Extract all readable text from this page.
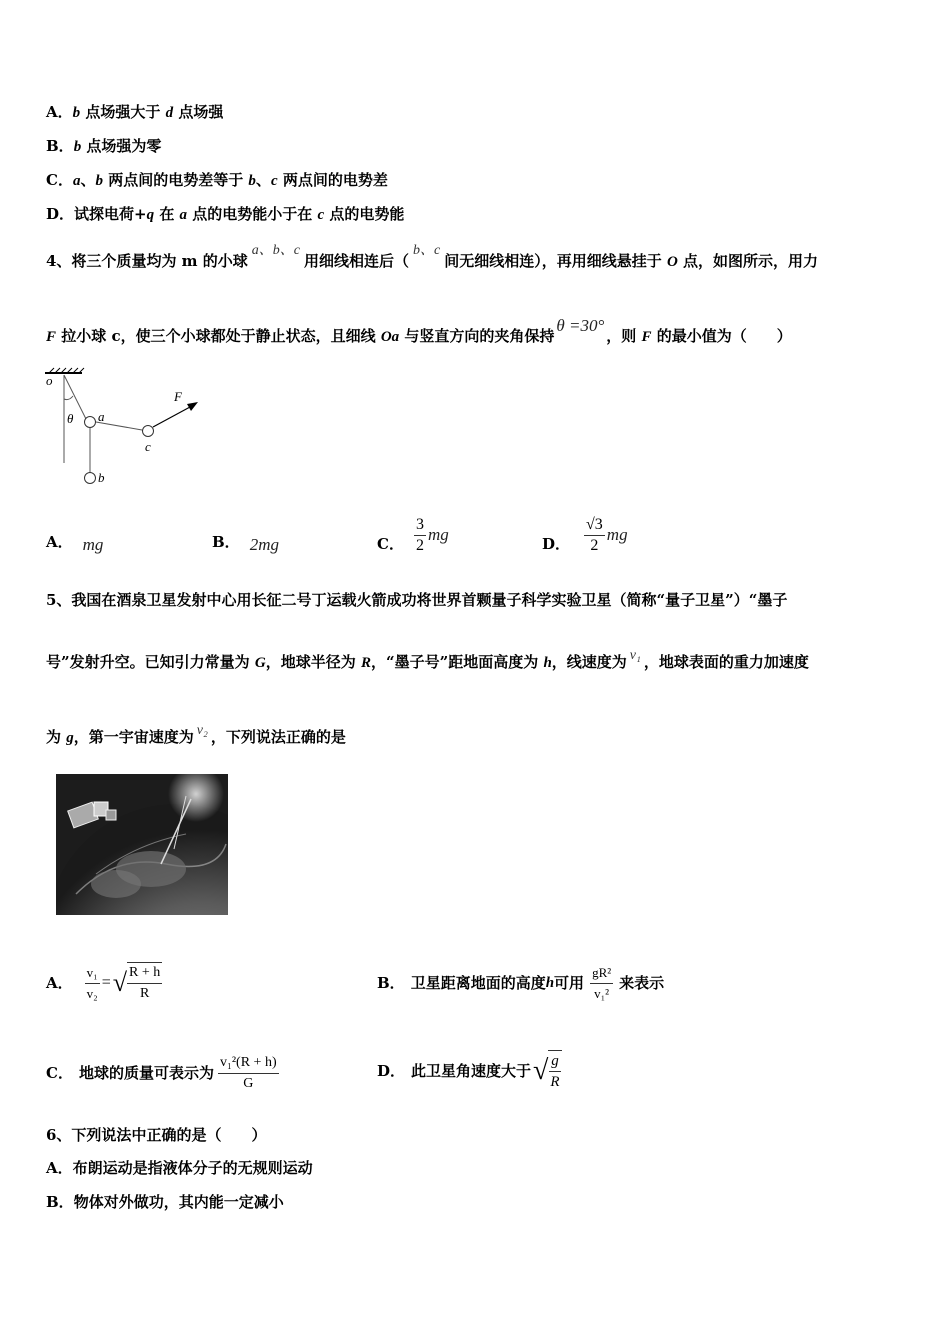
A．b 点场强大于 d 点场强
B．b 点场强为零
C．a、b 两点间的电势差等于 b、c 两点间的电势差
D．试探电荷+q 在 a 点的电势能小于在 c 点的电势能
4、将三个质量均为 m 的小球a、b、c用细线相连后（b、c间无细线相连），再用细线悬挂于 O 点，如图所示，用力
F 拉小球 c，使三个小球都处于静止状态，且细线 Oa 与竖直方向的夹角保持θ =30°，则 F 的最小值为（　　）
o
θ a
b
c
F
A． mg	B． 2mg	C． $\frac{3}{2}$ mg	D． $\frac{√3}{2}$ mg
5、我国在酒泉卫星发射中心用长征二号丁运载火箭成功将世界首颗量子科学实验卫星（简称“量子卫星”）“墨子
号”发射升空。已知引力常量为 G，地球半径为 R，“墨子号”距地面高度为 h，线速度为 v₁ ，地球表面的重力加速度
为 g，第一宇宙速度为 v₂ ，下列说法正确的是
A． $\frac{\text{v₁}}{\text{v₂}}$ = √ $\frac{R + h}{R}$	B． 卫星距离地面的高度 h 可用 $\frac{\text{gR²}}{\text{v₁²}}$ 来表示
C． 地球的质量可表示为 $\frac{\text{v₁²(R + h)}}{G}$	D． 此卫星角速度大于 √ $\frac{g}{R}$
6、下列说法中正确的是（　　）
A．布朗运动是指液体分子的无规则运动
B．物体对外做功，其内能一定减小
